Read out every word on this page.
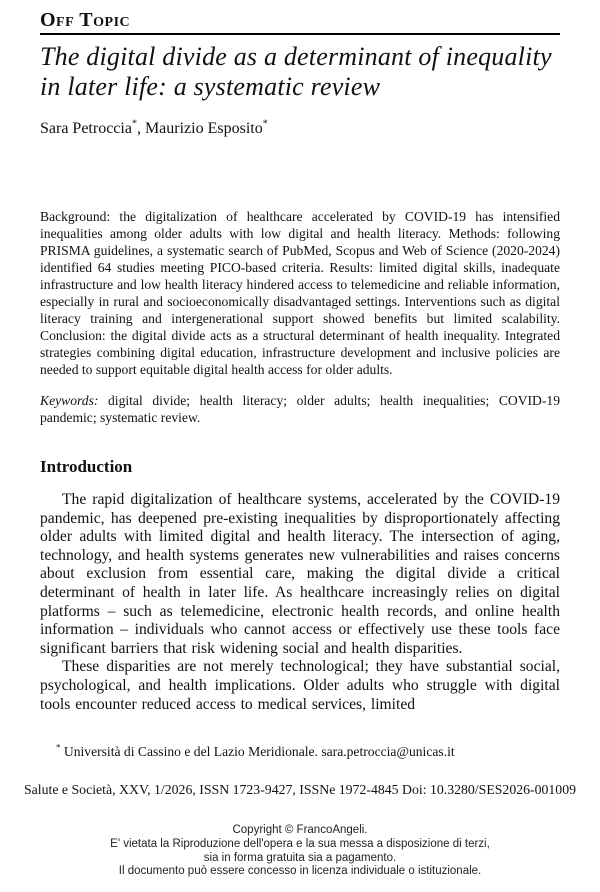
Off Topic
The digital divide as a determinant of inequality in later life: a systematic review
Sara Petroccia*, Maurizio Esposito*

Background: the digitalization of healthcare accelerated by COVID-19 has intensified inequalities among older adults with low digital and health literacy. Methods: following PRISMA guidelines, a systematic search of PubMed, Scopus and Web of Science (2020-2024) identified 64 studies meeting PICO-based criteria. Results: limited digital skills, inadequate infrastructure and low health literacy hindered access to telemedicine and reliable information, especially in rural and socioeconomically disadvantaged settings. Interventions such as digital literacy training and intergenerational support showed benefits but limited scalability. Conclusion: the digital divide acts as a structural determinant of health inequality. Integrated strategies combining digital education, infrastructure development and inclusive policies are needed to support equitable digital health access for older adults.

Keywords: digital divide; health literacy; older adults; health inequalities; COVID-19 pandemic; systematic review.

Introduction

The rapid digitalization of healthcare systems, accelerated by the COVID-19 pandemic, has deepened pre-existing inequalities by disproportionately affecting older adults with limited digital and health literacy. The intersection of aging, technology, and health systems generates new vulnerabilities and raises concerns about exclusion from essential care, making the digital divide a critical determinant of health in later life. As healthcare increasingly relies on digital platforms – such as telemedicine, electronic health records, and online health information – individuals who cannot access or effectively use these tools face significant barriers that risk widening social and health disparities.

These disparities are not merely technological; they have substantial social, psychological, and health implications. Older adults who struggle with digital tools encounter reduced access to medical services, limited

* Università di Cassino e del Lazio Meridionale. sara.petroccia@unicas.it
Salute e Società, XXV, 1/2026, ISSN 1723-9427, ISSNe 1972-4845 Doi: 10.3280/SES2026-001009
Copyright © FrancoAngeli.
E' vietata la Riproduzione dell'opera e la sua messa a disposizione di terzi,
sia in forma gratuita sia a pagamento.
Il documento può essere concesso in licenza individuale o istituzionale.
